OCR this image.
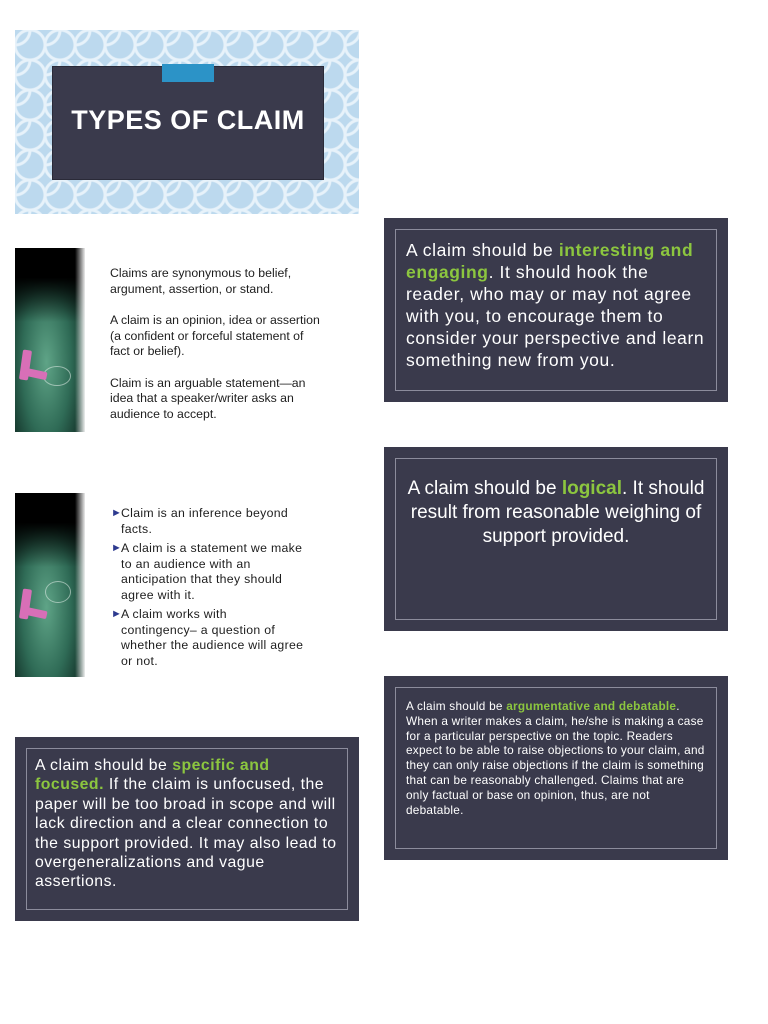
TYPES OF CLAIM

Claims are synonymous to belief, argument, assertion, or stand.

A claim is an opinion, idea or assertion (a confident or forceful statement of fact or belief).

Claim is an arguable statement—an idea that a speaker/writer asks an audience to accept.

►
Claim is an inference beyond facts.
►
A claim is a statement we make to an audience with an anticipation that they should agree with it.
►
A claim works with contingency– a question of whether the audience will agree or not.
A claim should be interesting and engaging. It should hook the reader, who may or may not agree with you, to encourage them to consider your perspective and learn something new from you.
A claim should be logical. It should result from reasonable weighing of support provided.
A claim should be argumentative and debatable. When a writer makes a claim, he/she is making a case for a particular perspective on the topic. Readers expect to be able to raise objections to your claim, and they can only raise objections if the claim is something that can be reasonably challenged. Claims that are only factual or base on opinion, thus, are not debatable.
A claim should be specific and focused. If the claim is unfocused, the paper will be too broad in scope and will lack direction and a clear connection to the support provided. It may also lead to overgeneralizations and vague assertions.
